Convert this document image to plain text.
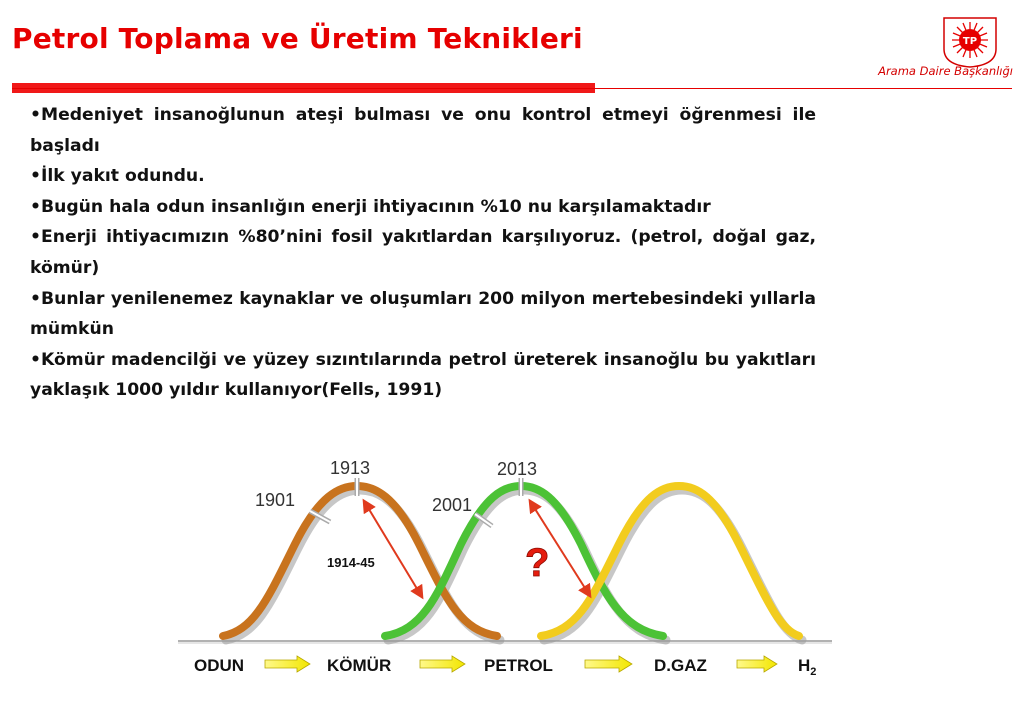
Petrol Toplama ve Üretim Teknikleri	TP
Arama Daire Başkanlığı
•Medeniyet insanoğlunun ateşi bulması ve onu kontrol etmeyi öğrenmesi ile başladı
•İlk yakıt odundu.
•Bugün hala odun insanlığın enerji ihtiyacının %10 nu karşılamaktadır
•Enerji ihtiyacımızın %80’nini fosil yakıtlardan karşılıyoruz. (petrol, doğal gaz, kömür)
•Bunlar yenilenemez kaynaklar ve oluşumları 200 milyon mertebesindeki yıllarla mümkün
•Kömür madencilği ve yüzey sızıntılarında petrol üreterek insanoğlu bu yakıtları yaklaşık 1000 yıldır kullanıyor(Fells, 1991)
1901
1913
2001
2013
1914-45	?
ODUN	KÖMÜR	PETROL	D.GAZ	$H_2$
